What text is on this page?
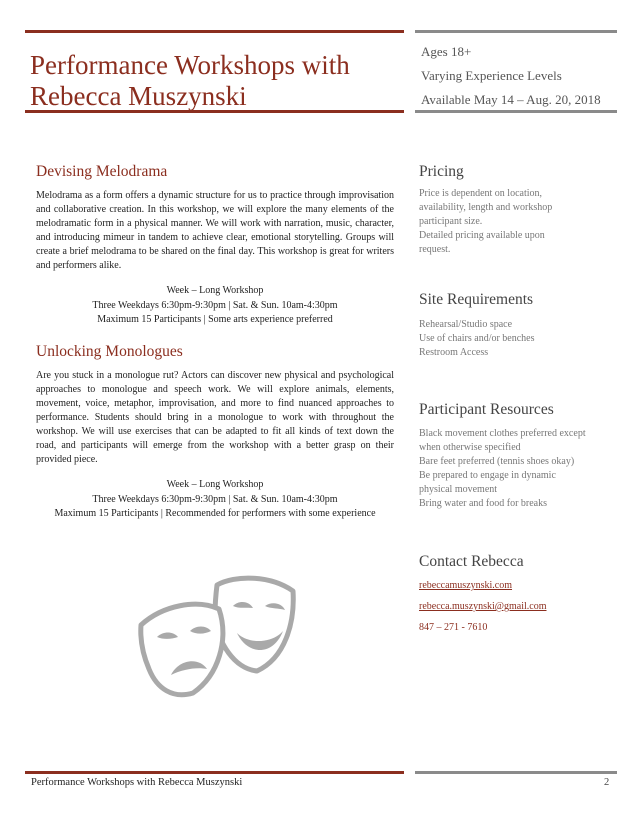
Performance Workshops with
Rebecca Muszynski
Ages 18+
Varying Experience Levels
Available May 14 – Aug. 20, 2018
Devising Melodrama
Melodrama as a form offers a dynamic structure for us to practice through improvisation and collaborative creation. In this workshop, we will explore the many elements of the melodramatic form in a physical manner. We will work with narration, music, character, and introducing mimeur in tandem to achieve clear, emotional storytelling. Groups will create a brief melodrama to be shared on the final day. This workshop is great for writers and performers alike.
Week – Long Workshop
Three Weekdays 6:30pm-9:30pm | Sat. & Sun. 10am-4:30pm
Maximum 15 Participants | Some arts experience preferred
Unlocking Monologues
Are you stuck in a monologue rut? Actors can discover new physical and psychological approaches to monologue and speech work. We will explore animals, elements, movement, voice, metaphor, improvisation, and more to find nuanced approaches to performance. Students should bring in a monologue to work with throughout the workshop. We will use exercises that can be adapted to fit all kinds of text down the road, and participants will emerge from the workshop with a better grasp on their provided piece.
Week – Long Workshop
Three Weekdays 6:30pm-9:30pm | Sat. & Sun. 10am-4:30pm
Maximum 15 Participants | Recommended for performers with some experience
Pricing
Price is dependent on location, availability, length and workshop participant size.
Detailed pricing available upon request.
Site Requirements
Rehearsal/Studio space
Use of chairs and/or benches
Restroom Access
Participant Resources
Black movement clothes preferred except when otherwise specified
Bare feet preferred (tennis shoes okay)
Be prepared to engage in dynamic physical movement
Bring water and food for breaks
Contact Rebecca
rebeccamuszynski.com
rebecca.muszynski@gmail.com
847 – 271 - 7610
Performance Workshops with Rebecca Muszynski	2
